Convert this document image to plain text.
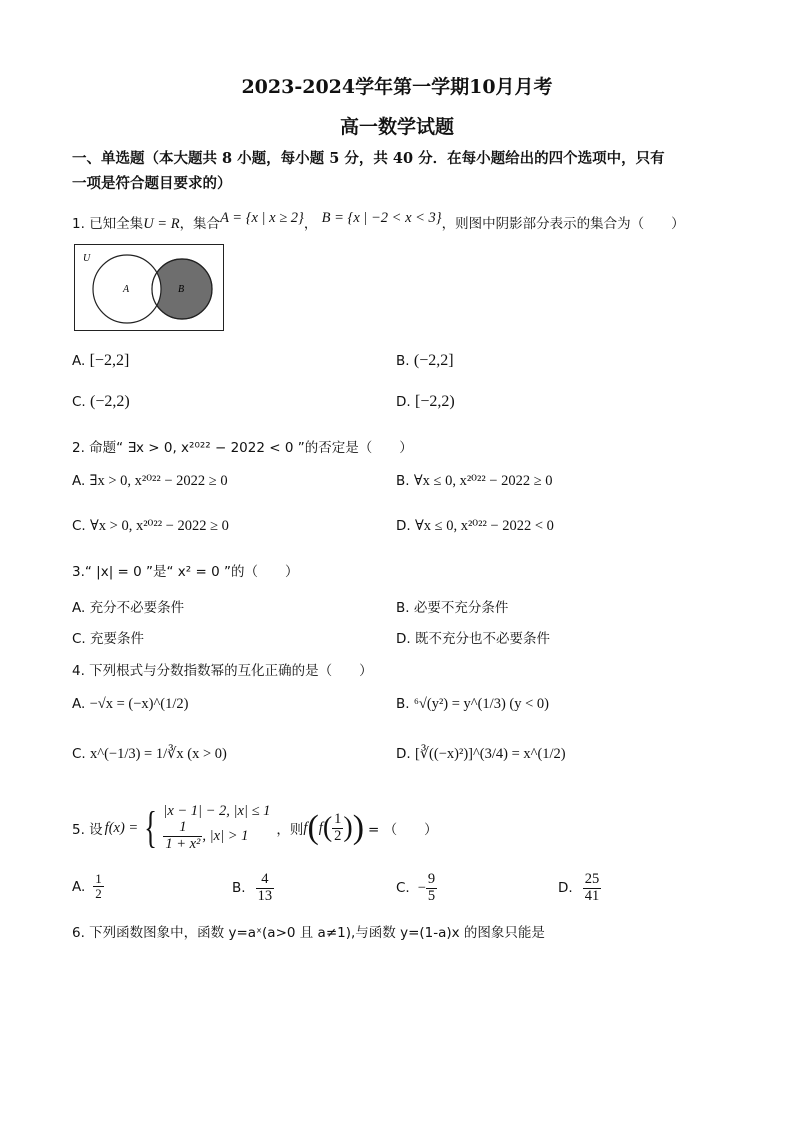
2023-2024学年第一学期10月月考
高一数学试题
一、单选题（本大题共 8 小题，每小题 5 分，共 40 分．在每小题给出的四个选项中，只有
一项是符合题目要求的）
1. 已知全集U = R，集合A = {x | x ≥ 2}， B = {x | −2 < x < 3}，则图中阴影部分表示的集合为（　　）
U
A	B
A. [−2,2]	B. (−2,2]
C. (−2,2)	D. [−2,2)
2. 命题“ ∃x > 0, x²⁰²² − 2022 < 0 ”的否定是（　　）
A. ∃x > 0, x²⁰²² − 2022 ≥ 0	B. ∀x ≤ 0, x²⁰²² − 2022 ≥ 0
C. ∀x > 0, x²⁰²² − 2022 ≥ 0	D. ∀x ≤ 0, x²⁰²² − 2022 < 0
3.“ |x| = 0 ”是“ x² = 0 ”的（　　）
A. 充分不必要条件	B. 必要不充分条件
C. 充要条件	D. 既不充分也不必要条件
4. 下列根式与分数指数幂的互化正确的是（　　）
A. −√x = (−x)^(1/2)	B. ⁶√(y²) = y^(1/3) (y < 0)
C. x^(−1/3) = 1/∛x (x > 0)	D. [∛((−x)²)]^(3/4) = x^(1/2)
5. 设 f(x) = { |x − 1| − 2, |x| ≤ 1
$\frac{1}{\text{1 + x²}}$ , |x| > 1 ，则 f ( f ( $\frac{1}{2}$ ) ) = （　　）
A. $\frac{1}{2}$	B. $\frac{4}{13}$	C. − $\frac{9}{5}$	D. $\frac{25}{41}$
6. 下列函数图象中，函数 y=aˣ(a>0 且 a≠1),与函数 y=(1-a)x 的图象只能是
